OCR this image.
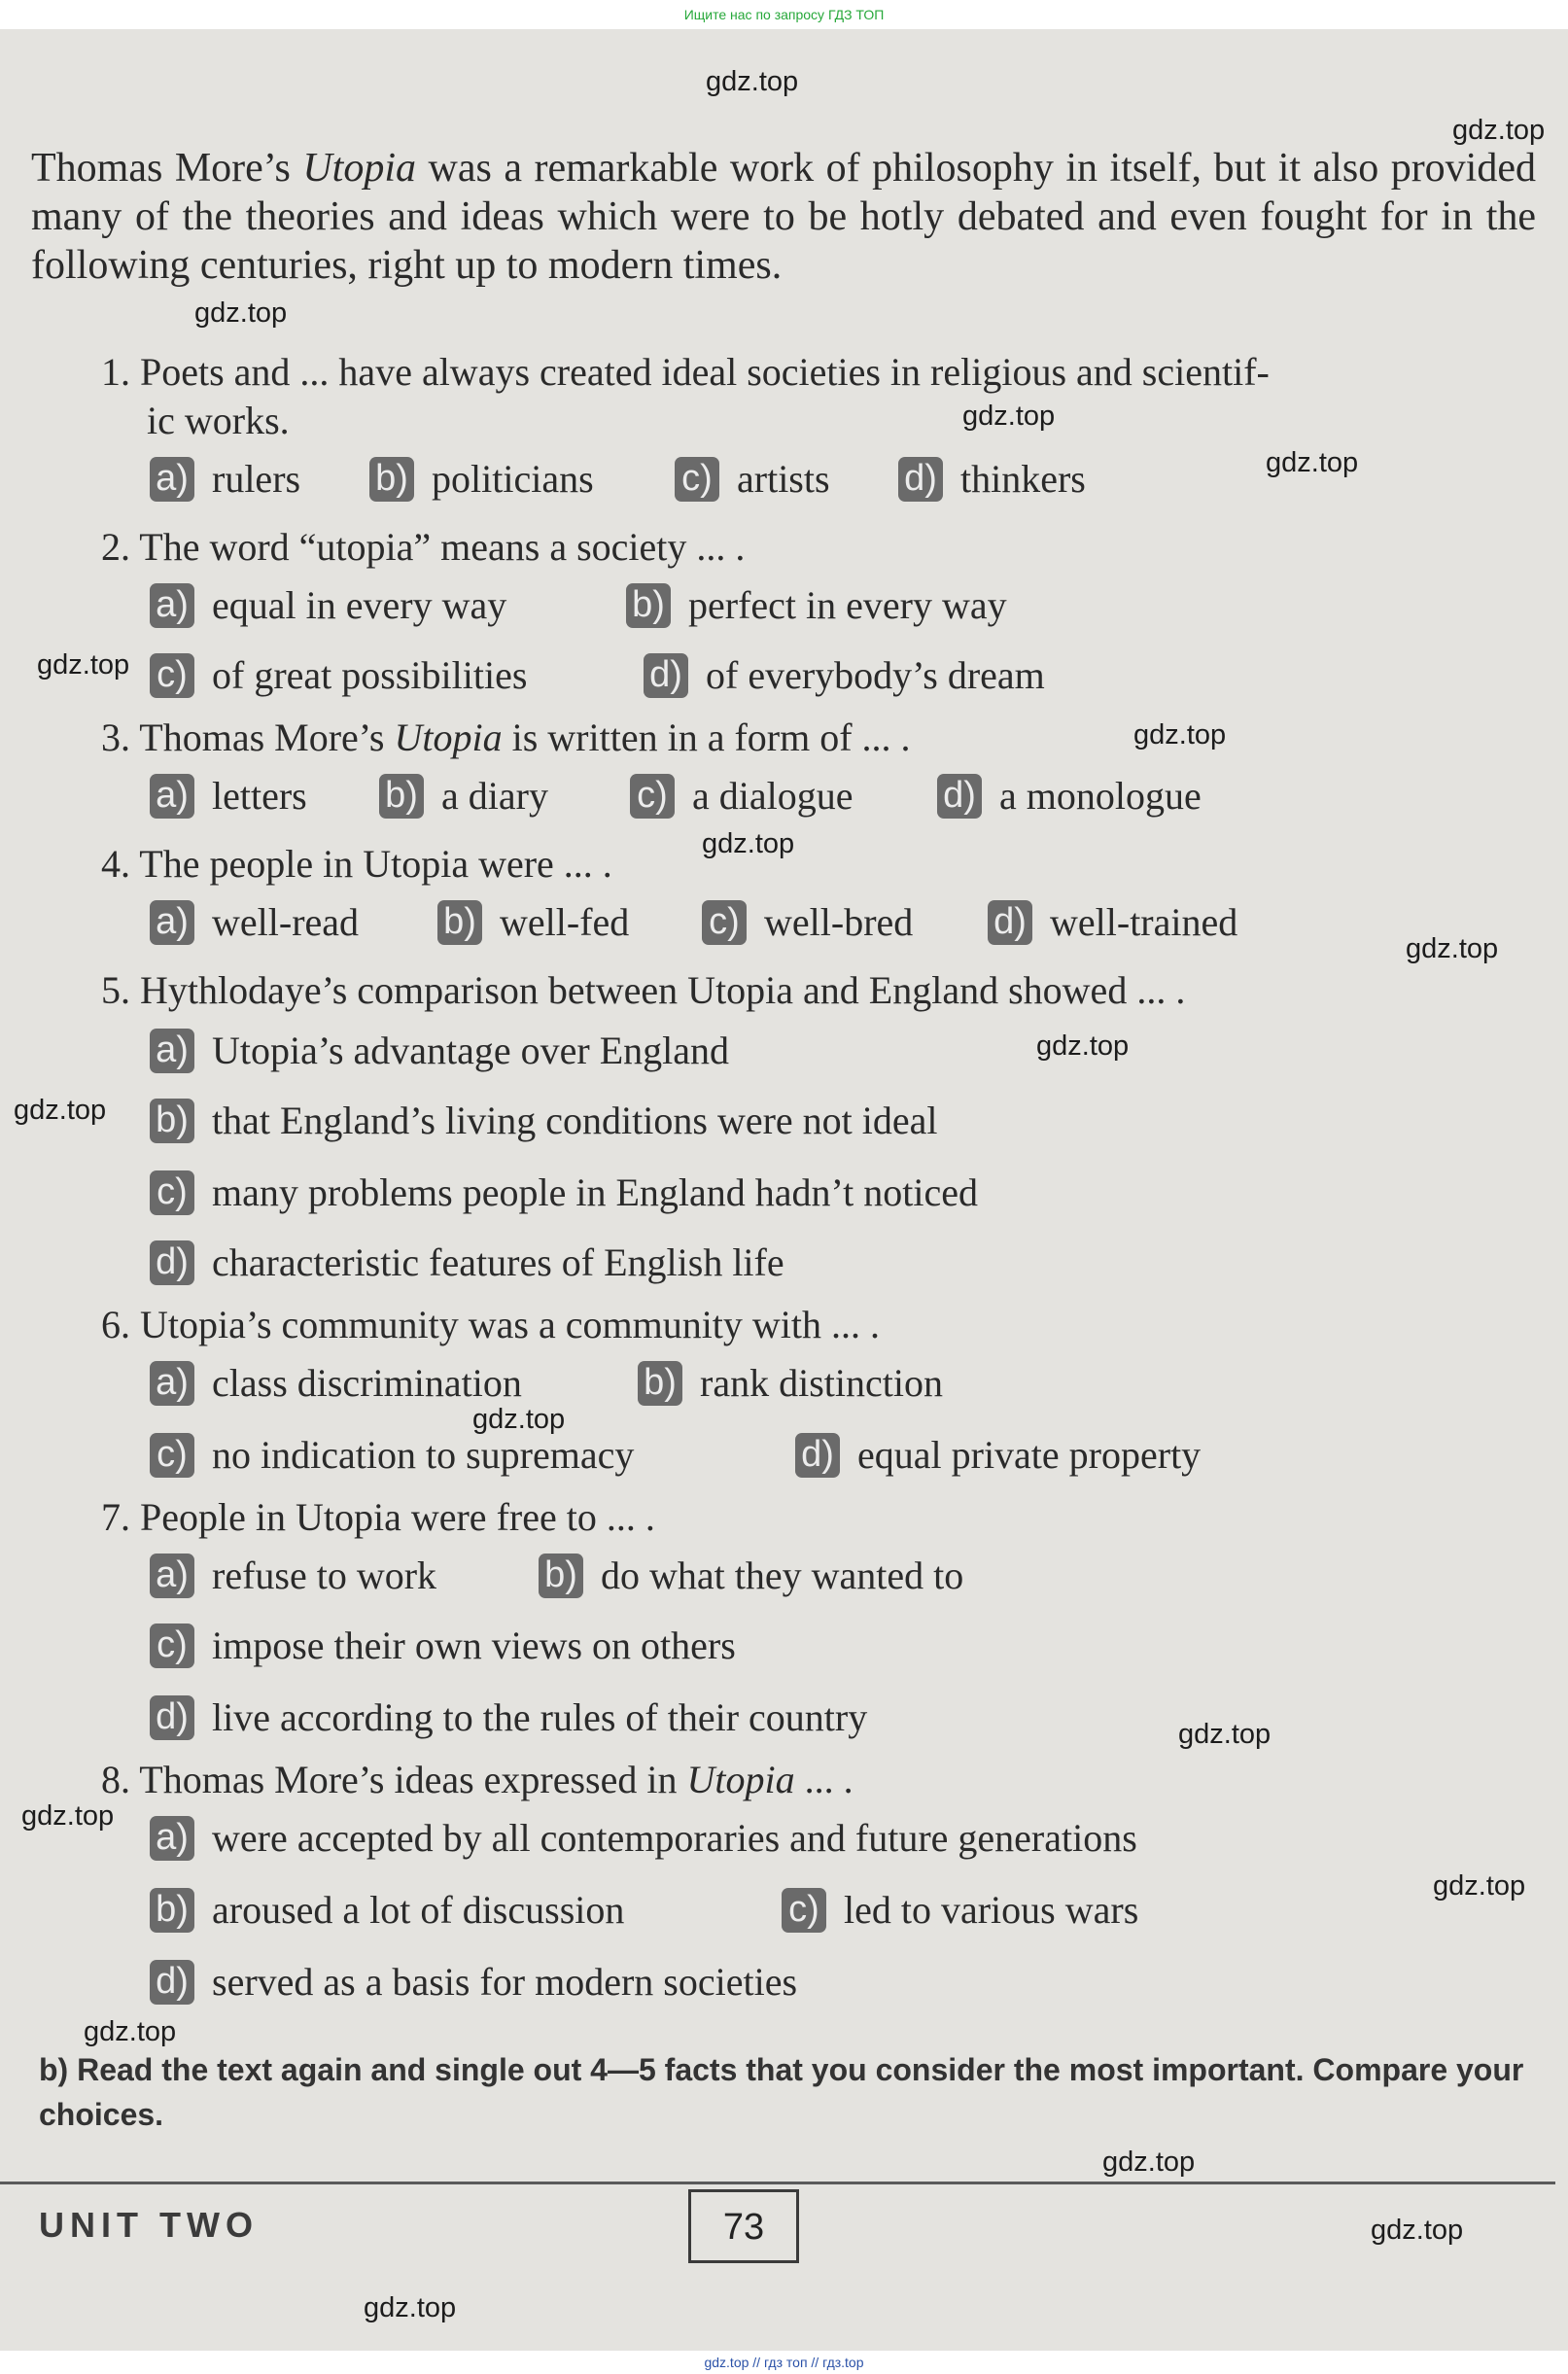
Ищите нас по запросу ГДЗ ТОП
gdz.top
gdz.top
gdz.top
gdz.top
gdz.top
gdz.top
gdz.top
gdz.top
gdz.top
gdz.top
gdz.top
gdz.top
gdz.top
gdz.top
gdz.top
gdz.top
gdz.top
gdz.top
gdz.top

Thomas More’s Utopia was a remarkable work of philosophy in itself, but it also provided many of the theories and ideas which were to be hotly debated and even fought for in the following centuries, right up to modern times.

1. Poets and ... have always created ideal societies in religious and scientif-
ic works.
a) rulers b) politicians c) artists d) thinkers
2. The word “utopia” means a society ... .
a) equal in every way	b) perfect in every way
c) of great possibilities	d) of everybody’s dream
3. Thomas More’s Utopia is written in a form of ... .
a) letters b) a diary c) a dialogue d) a monologue
4. The people in Utopia were ... .
a) well-read b) well-fed c) well-bred d) well-trained
5. Hythlodaye’s comparison between Utopia and England showed ... .
a) Utopia’s advantage over England
b) that England’s living conditions were not ideal
c) many problems people in England hadn’t noticed
d) characteristic features of English life
6. Utopia’s community was a community with ... .
a) class discrimination	b) rank distinction
c) no indication to supremacy	d) equal private property
7. People in Utopia were free to ... .
a) refuse to work	b) do what they wanted to
c) impose their own views on others
d) live according to the rules of their country
8. Thomas More’s ideas expressed in Utopia ... .
a) were accepted by all contemporaries and future generations
b) aroused a lot of discussion	c) led to various wars
d) served as a basis for modern societies

b) Read the text again and single out 4—5 facts that you consider the most important. Compare your choices.

UNIT TWO	73
gdz.top // гдз топ // гдз.top
